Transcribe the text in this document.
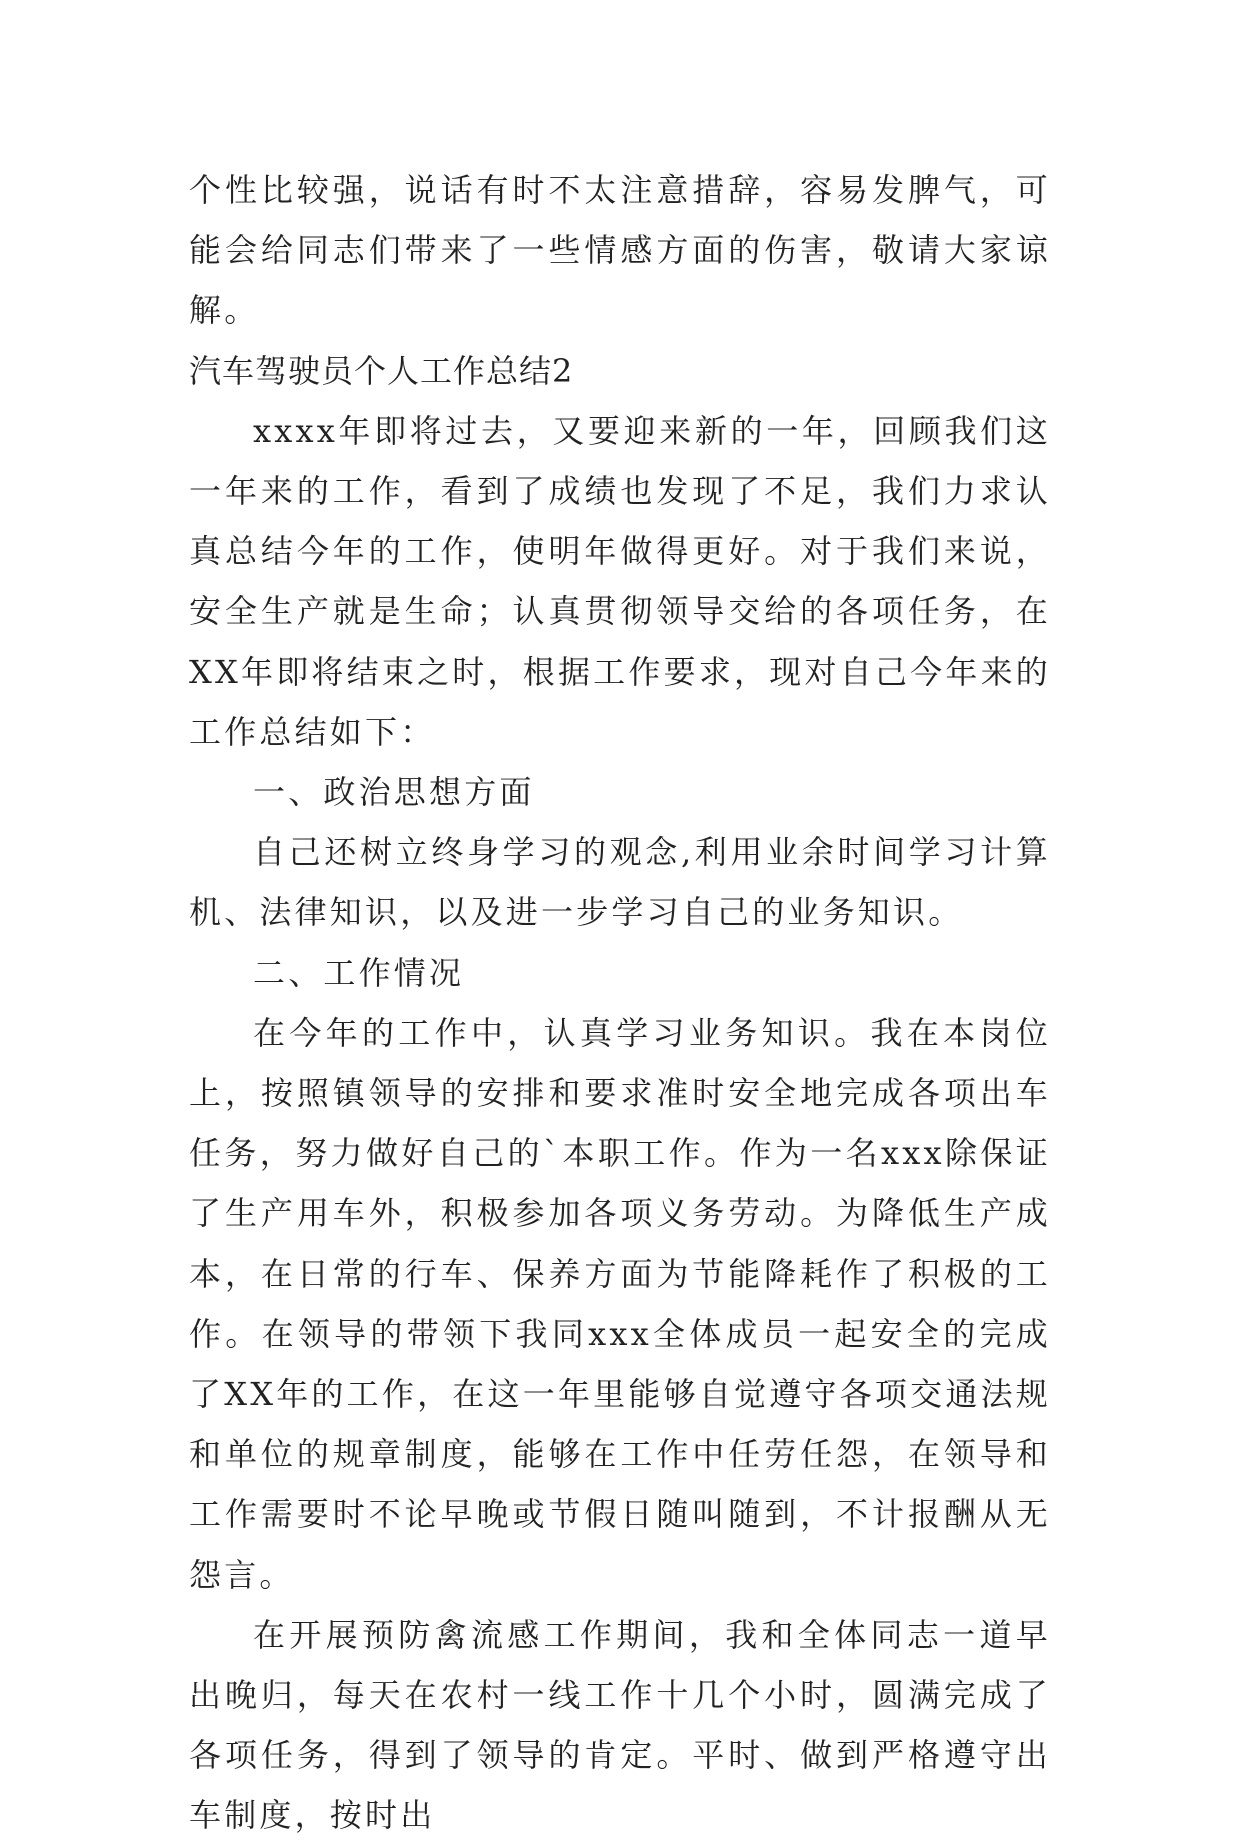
个性比较强，说话有时不太注意措辞，容易发脾气，可能会给同志们带来了一些情感方面的伤害，敬请大家谅解。

汽车驾驶员个人工作总结2

xxxx年即将过去，又要迎来新的一年，回顾我们这一年来的工作，看到了成绩也发现了不足，我们力求认真总结今年的工作，使明年做得更好。对于我们来说，安全生产就是生命；认真贯彻领导交给的各项任务，在XX年即将结束之时，根据工作要求，现对自己今年来的工作总结如下：

一、政治思想方面

自己还树立终身学习的观念,利用业余时间学习计算机、法律知识，以及进一步学习自己的业务知识。

二、工作情况

在今年的工作中，认真学习业务知识。我在本岗位上，按照镇领导的安排和要求准时安全地完成各项出车任务，努力做好自己的`本职工作。作为一名xxx除保证了生产用车外，积极参加各项义务劳动。为降低生产成本，在日常的行车、保养方面为节能降耗作了积极的工作。在领导的带领下我同xxx全体成员一起安全的完成了XX年的工作，在这一年里能够自觉遵守各项交通法规和单位的规章制度，能够在工作中任劳任怨，在领导和工作需要时不论早晚或节假日随叫随到，不计报酬从无怨言。

在开展预防禽流感工作期间，我和全体同志一道早出晚归，每天在农村一线工作十几个小时，圆满完成了各项任务，得到了领导的肯定。平时、做到严格遵守出车制度，按时出
